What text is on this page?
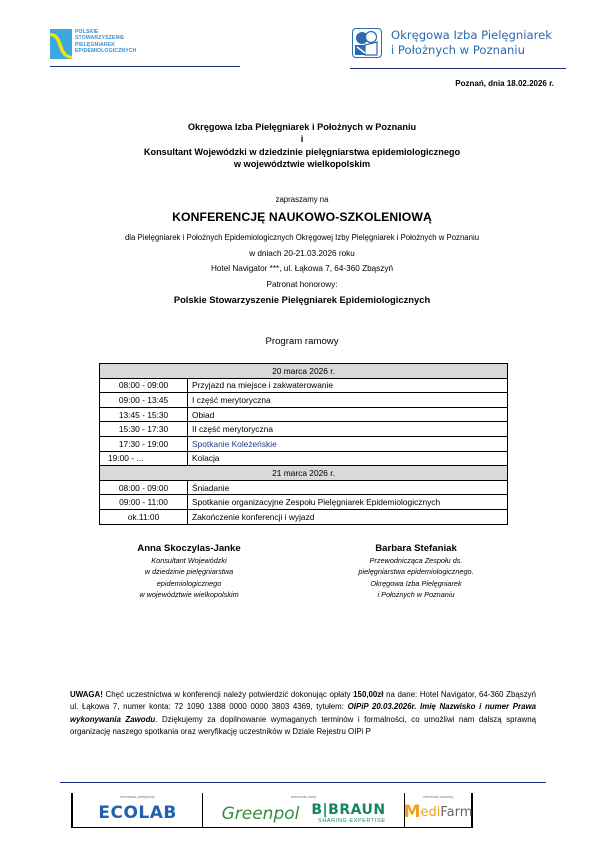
POLSKIE
STOWARZYSZENIE
PIELĘGNIAREK
EPIDEMIOLOGICZNYCH
Okręgowa Izba Pielęgniarek
i Położnych w Poznaniu
Poznań, dnia 18.02.2026 r.
Okręgowa Izba Pielęgniarek i Położnych w Poznaniu
i
Konsultant Wojewódzki w dziedzinie pielęgniarstwa epidemiologicznego
w województwie wielkopolskim
zapraszamy na
KONFERENCJĘ NAUKOWO-SZKOLENIOWĄ
dla Pielęgniarek i Położnych Epidemiologicznych Okręgowej Izby Pielęgniarek i Położnych w Poznaniu
w dniach 20-21.03.2026 roku
Hotel Navigator ***, ul. Łąkowa 7, 64-360 Zbąszyń
Patronat honorowy:
Polskie Stowarzyszenie Pielęgniarek Epidemiologicznych
Program ramowy
20 marca 2026 r.	
08:00 - 09:00	Przyjazd na miejsce i zakwaterowanie
09:00 - 13:45	I część merytoryczna
13:45 - 15:30	Obiad
15:30 - 17:30	II część merytoryczna
17:30 - 19:00	Spotkanie Koleżeńskie
19:00 - ...	Kolacja
21 marca 2026 r.	
08:00 - 09:00	Śniadanie
09:00 - 11:00	Spotkanie organizacyjne Zespołu Pielęgniarek Epidemiologicznych
ok.11:00	Zakończenie konferencji i wyjazd
Anna Skoczylas-Janke
Konsultant Wojewódzki
w dziedzinie pielęgniarstwa
epidemiologicznego
w województwie wielkopolskim
Barbara Stefaniak
Przewodnicząca Zespołu ds.
pielęgniarstwa epidemiologicznego.
Okręgowa Izba Pielęgniarek
i Położnych w Poznaniu
UWAGA! Chęć uczestnictwa w konferencji należy potwierdzić dokonując opłaty 150,00zł na dane: Hotel Navigator, 64-360 Zbąszyń ul. Łąkowa 7, numer konta: 72 1090 1388 0000 0000 3803 4369, tytułem: OIPiP 20.03.2026r. Imię Nazwisko i numer Prawa wykonywania Zawodu. Dziękujemy za dopilnowanie wymaganych terminów i formalności, co umożliwi nam dalszą sprawną organizację naszego spotkania oraz weryfikację uczestników w Dziale Rejestru OIPi P
mecenas platynowy
ECOLAB
mecenas złoty
Greenpol B|BRAUN
SHARING EXPERTISE
mecenas srebrny
M edi Farm
